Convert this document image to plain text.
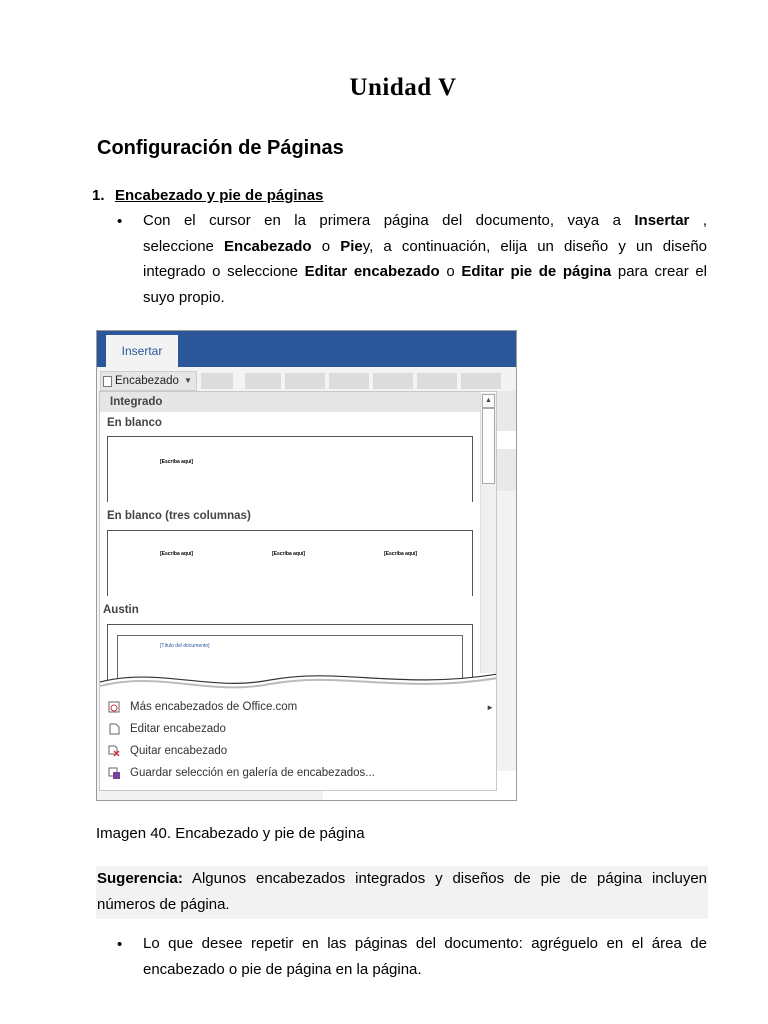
Unidad V
Configuración de Páginas
1. Encabezado y pie de páginas
• Con el cursor en la primera página del documento, vaya a Insertar ,
seleccione Encabezado o Piey, a continuación, elija un diseño y un diseño
integrado o seleccione Editar encabezado o Editar pie de página para crear el
suyo propio.
Insertar
Encabezado ▼
Integrado
En blanco
[Escriba aquí]
En blanco (tres columnas)
[Escriba aquí]	[Escriba aquí]	[Escriba aquí]
Austin
[Título del documento]
▲
Más encabezados de Office.com	►
Editar encabezado
Quitar encabezado
Guardar selección en galería de encabezados...
Imagen 40. Encabezado y pie de página
Sugerencia: Algunos encabezados integrados y diseños de pie de página incluyen
números de página.
• Lo que desee repetir en las páginas del documento: agréguelo en el área de
encabezado o pie de página en la página.
